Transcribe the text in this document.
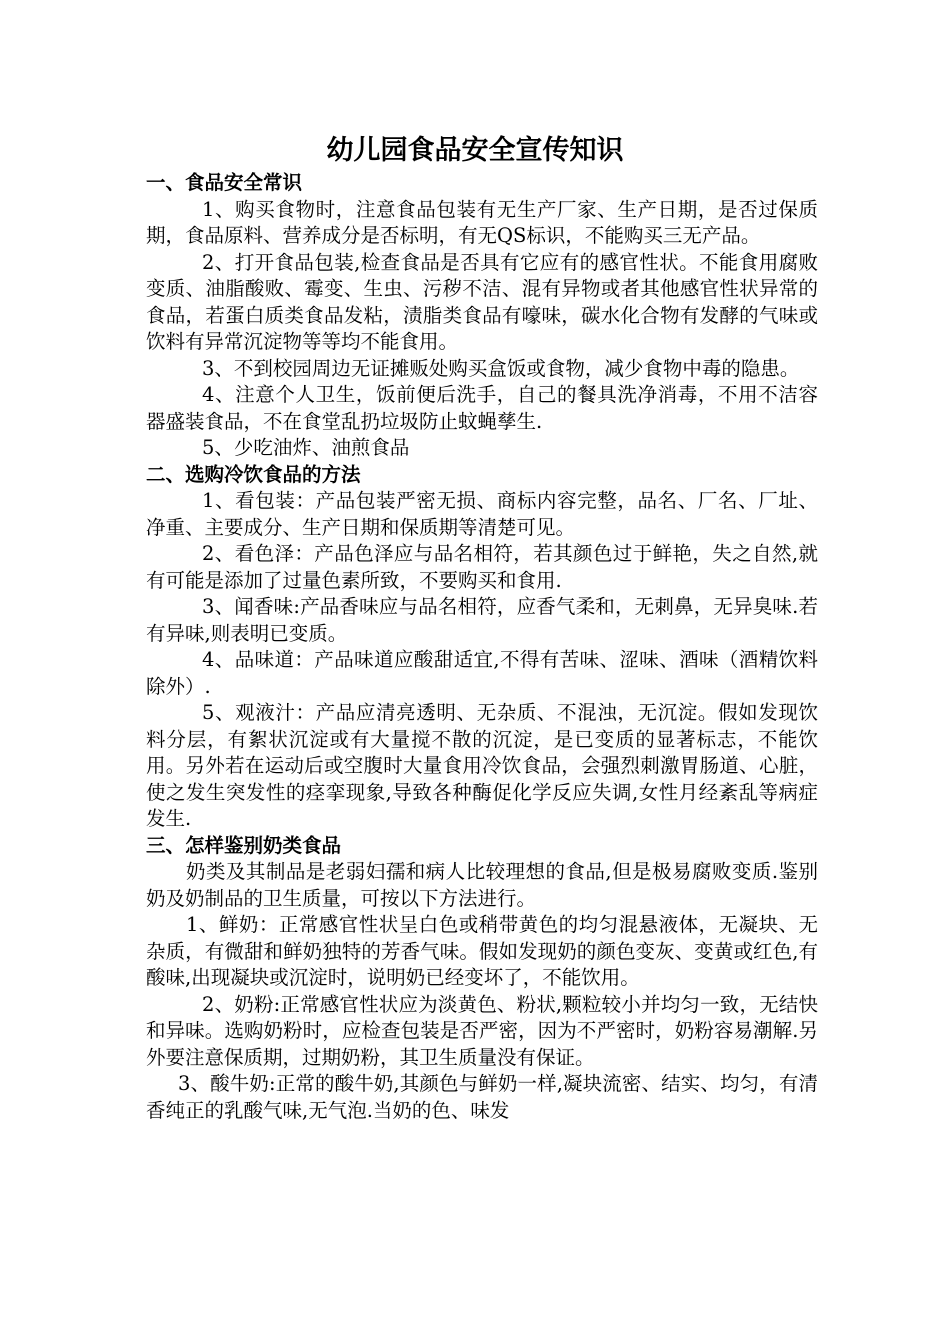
幼儿园食品安全宣传知识

一、食品安全常识

1、购买食物时，注意食品包装有无生产厂家、生产日期，是否过保质期，食品原料、营养成分是否标明，有无QS标识，不能购买三无产品。

2、打开食品包装,检查食品是否具有它应有的感官性状。不能食用腐败变质、油脂酸败、霉变、生虫、污秽不洁、混有异物或者其他感官性状异常的食品，若蛋白质类食品发粘，渍脂类食品有嚎味，碳水化合物有发酵的气味或饮料有异常沉淀物等等均不能食用。

3、不到校园周边无证摊贩处购买盒饭或食物，减少食物中毒的隐患。

4、注意个人卫生，饭前便后洗手，自己的餐具洗净消毒，不用不洁容器盛装食品，不在食堂乱扔垃圾防止蚊蝇孳生.

5、少吃油炸、油煎食品

二、选购冷饮食品的方法

1、看包装：产品包装严密无损、商标内容完整，品名、厂名、厂址、净重、主要成分、生产日期和保质期等清楚可见。

2、看色泽：产品色泽应与品名相符，若其颜色过于鲜艳，失之自然,就有可能是添加了过量色素所致，不要购买和食用.

3、闻香味:产品香味应与品名相符，应香气柔和，无刺鼻，无异臭味.若有异味,则表明已变质。

4、品味道：产品味道应酸甜适宜,不得有苦味、涩味、酒味（酒精饮料除外）.

5、观液汁：产品应清亮透明、无杂质、不混浊，无沉淀。假如发现饮料分层，有絮状沉淀或有大量搅不散的沉淀，是已变质的显著标志，不能饮用。另外若在运动后或空腹时大量食用冷饮食品，会强烈刺激胃肠道、心脏，使之发生突发性的痉挛现象,导致各种酶促化学反应失调,女性月经紊乱等病症发生.

三、怎样鉴别奶类食品

奶类及其制品是老弱妇孺和病人比较理想的食品,但是极易腐败变质.鉴别奶及奶制品的卫生质量，可按以下方法进行。

1、鲜奶：正常感官性状呈白色或稍带黄色的均匀混悬液体，无凝块、无杂质，有微甜和鲜奶独特的芳香气味。假如发现奶的颜色变灰、变黄或红色,有酸味,出现凝块或沉淀时，说明奶已经变坏了，不能饮用。

2、奶粉:正常感官性状应为淡黄色、粉状,颗粒较小并均匀一致，无结快和异味。选购奶粉时，应检查包装是否严密，因为不严密时，奶粉容易潮解.另外要注意保质期，过期奶粉，其卫生质量没有保证。

3、酸牛奶:正常的酸牛奶,其颜色与鲜奶一样,凝块流密、结实、均匀，有清香纯正的乳酸气味,无气泡.当奶的色、味发
